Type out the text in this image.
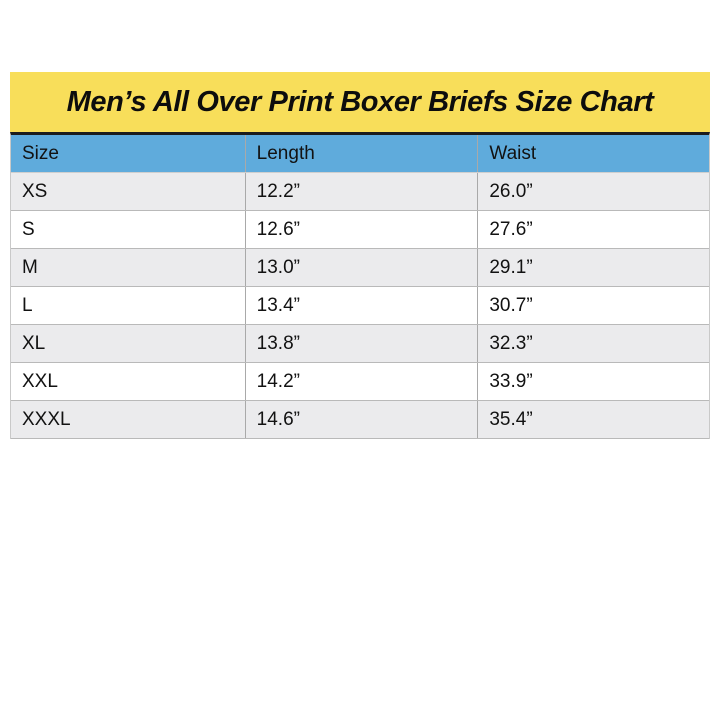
Men’s All Over Print Boxer Briefs Size Chart
Size	Length	Waist
XS	12.2”	26.0”
S	12.6”	27.6”
M	13.0”	29.1”
L	13.4”	30.7”
XL	13.8”	32.3”
XXL	14.2”	33.9”
XXXL	14.6”	35.4”
